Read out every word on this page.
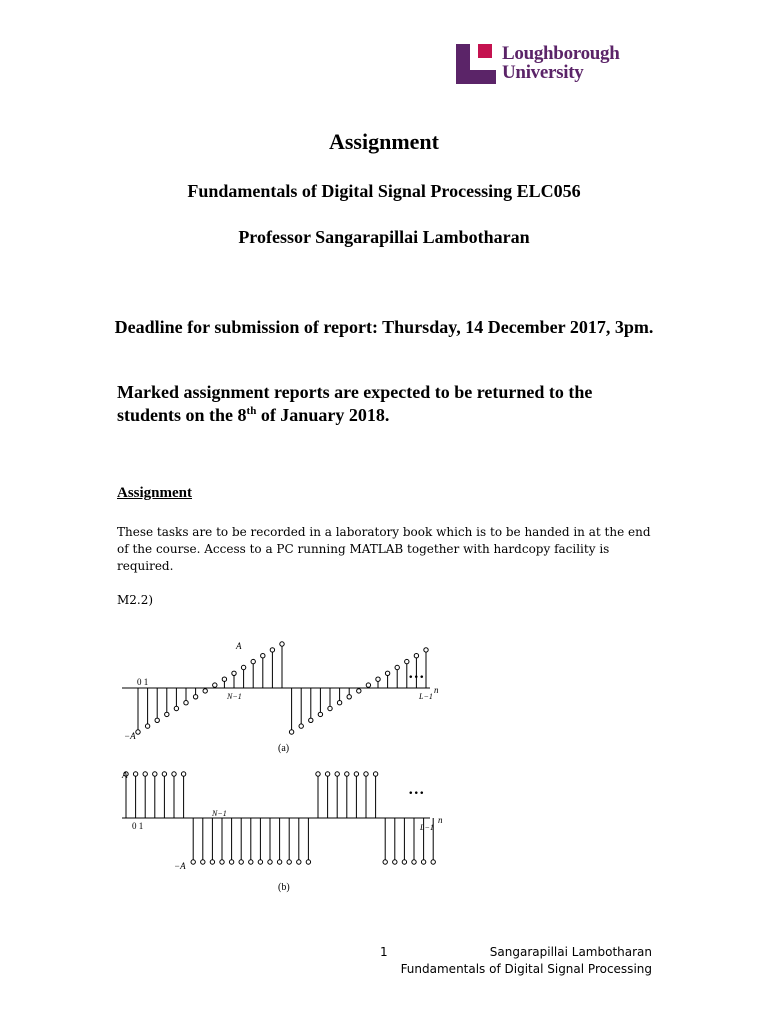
Loughborough
University
Assignment
Fundamentals of Digital Signal Processing ELC056
Professor Sangarapillai Lambotharan
Deadline for submission of report: Thursday, 14 December 2017, 3pm.
Marked assignment reports are expected to be returned to the students on the 8th of January 2018.
Assignment
These tasks are to be recorded in a laboratory book which is to be handed in at the end of the course. Access to a PC running MATLAB together with hardcopy facility is required.
M2.2)
...
A
−A
0 1
N−1	L−1
n
(a)
...
A
−A
0 1
N−1
L−1
n
(b)
1	Sangarapillai Lambotharan
Fundamentals of Digital Signal Processing
